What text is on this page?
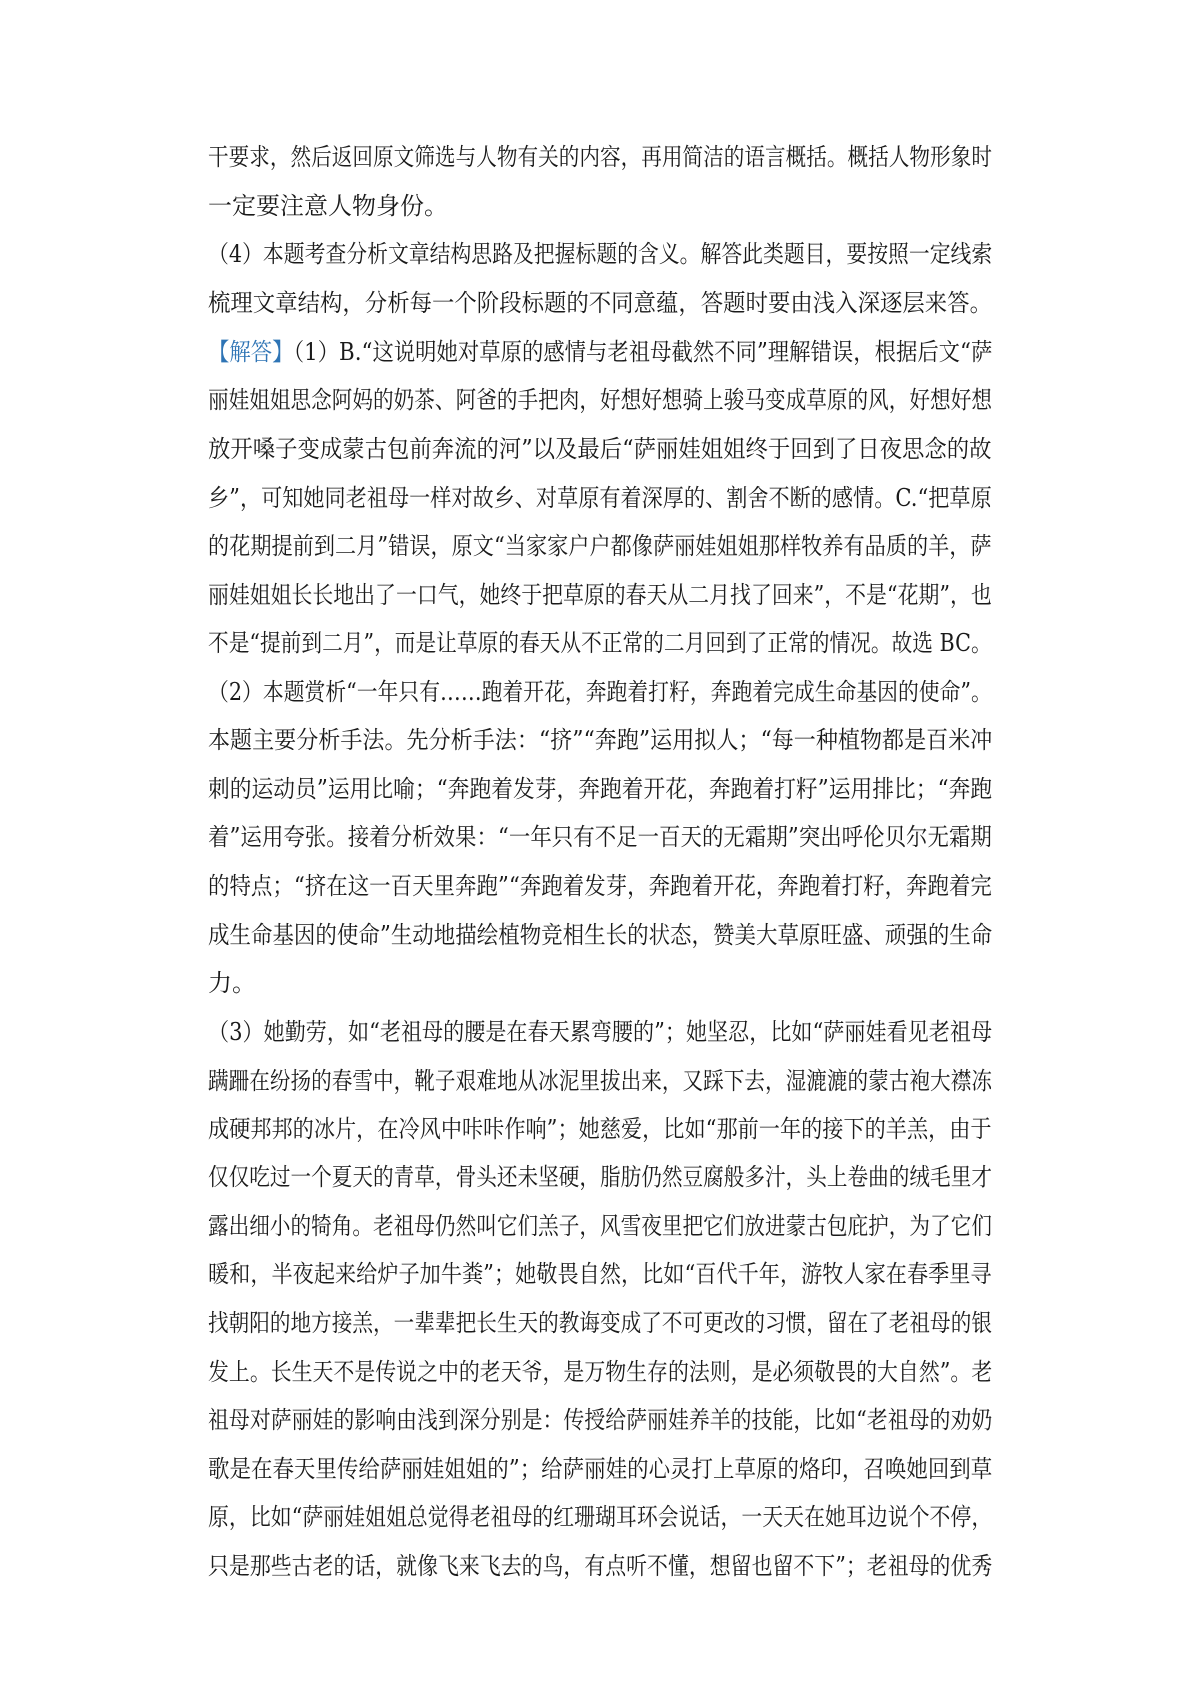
干要求，然后返回原文筛选与人物有关的内容，再用简洁的语言概括。概括人物形象时
一定要注意人物身份。
（4）本题考查分析文章结构思路及把握标题的含义。解答此类题目，要按照一定线索
梳理文章结构，分析每一个阶段标题的不同意蕴，答题时要由浅入深逐层来答。
【解答】（1）B.“这说明她对草原的感情与老祖母截然不同”理解错误，根据后文“萨
丽娃姐姐思念阿妈的奶茶、阿爸的手把肉，好想好想骑上骏马变成草原的风，好想好想
放开嗓子变成蒙古包前奔流的河”以及最后“萨丽娃姐姐终于回到了日夜思念的故
乡”，可知她同老祖母一样对故乡、对草原有着深厚的、割舍不断的感情。C.“把草原
的花期提前到二月”错误，原文“当家家户户都像萨丽娃姐姐那样牧养有品质的羊，萨
丽娃姐姐长长地出了一口气，她终于把草原的春天从二月找了回来”，不是“花期”，也
不是“提前到二月”，而是让草原的春天从不正常的二月回到了正常的情况。故选 BC。
（2）本题赏析“一年只有……跑着开花，奔跑着打籽，奔跑着完成生命基因的使命”。
本题主要分析手法。先分析手法：“挤”“奔跑”运用拟人；“每一种植物都是百米冲
刺的运动员”运用比喻；“奔跑着发芽，奔跑着开花，奔跑着打籽”运用排比；“奔跑
着”运用夸张。接着分析效果：“一年只有不足一百天的无霜期”突出呼伦贝尔无霜期
的特点；“挤在这一百天里奔跑”“奔跑着发芽，奔跑着开花，奔跑着打籽，奔跑着完
成生命基因的使命”生动地描绘植物竞相生长的状态，赞美大草原旺盛、顽强的生命
力。
（3）她勤劳，如“老祖母的腰是在春天累弯腰的”；她坚忍，比如“萨丽娃看见老祖母
蹒跚在纷扬的春雪中，靴子艰难地从冰泥里拔出来，又踩下去，湿漉漉的蒙古袍大襟冻
成硬邦邦的冰片，在冷风中咔咔作响”；她慈爱，比如“那前一年的接下的羊羔，由于
仅仅吃过一个夏天的青草，骨头还未坚硬，脂肪仍然豆腐般多汁，头上卷曲的绒毛里才
露出细小的犄角。老祖母仍然叫它们羔子，风雪夜里把它们放进蒙古包庇护，为了它们
暖和，半夜起来给炉子加牛粪”；她敬畏自然，比如“百代千年，游牧人家在春季里寻
找朝阳的地方接羔，一辈辈把长生天的教诲变成了不可更改的习惯，留在了老祖母的银
发上。长生天不是传说之中的老天爷，是万物生存的法则，是必须敬畏的大自然”。老
祖母对萨丽娃的影响由浅到深分别是：传授给萨丽娃养羊的技能，比如“老祖母的劝奶
歌是在春天里传给萨丽娃姐姐的”；给萨丽娃的心灵打上草原的烙印，召唤她回到草
原，比如“萨丽娃姐姐总觉得老祖母的红珊瑚耳环会说话，一天天在她耳边说个不停，
只是那些古老的话，就像飞来飞去的鸟，有点听不懂，想留也留不下”；老祖母的优秀
